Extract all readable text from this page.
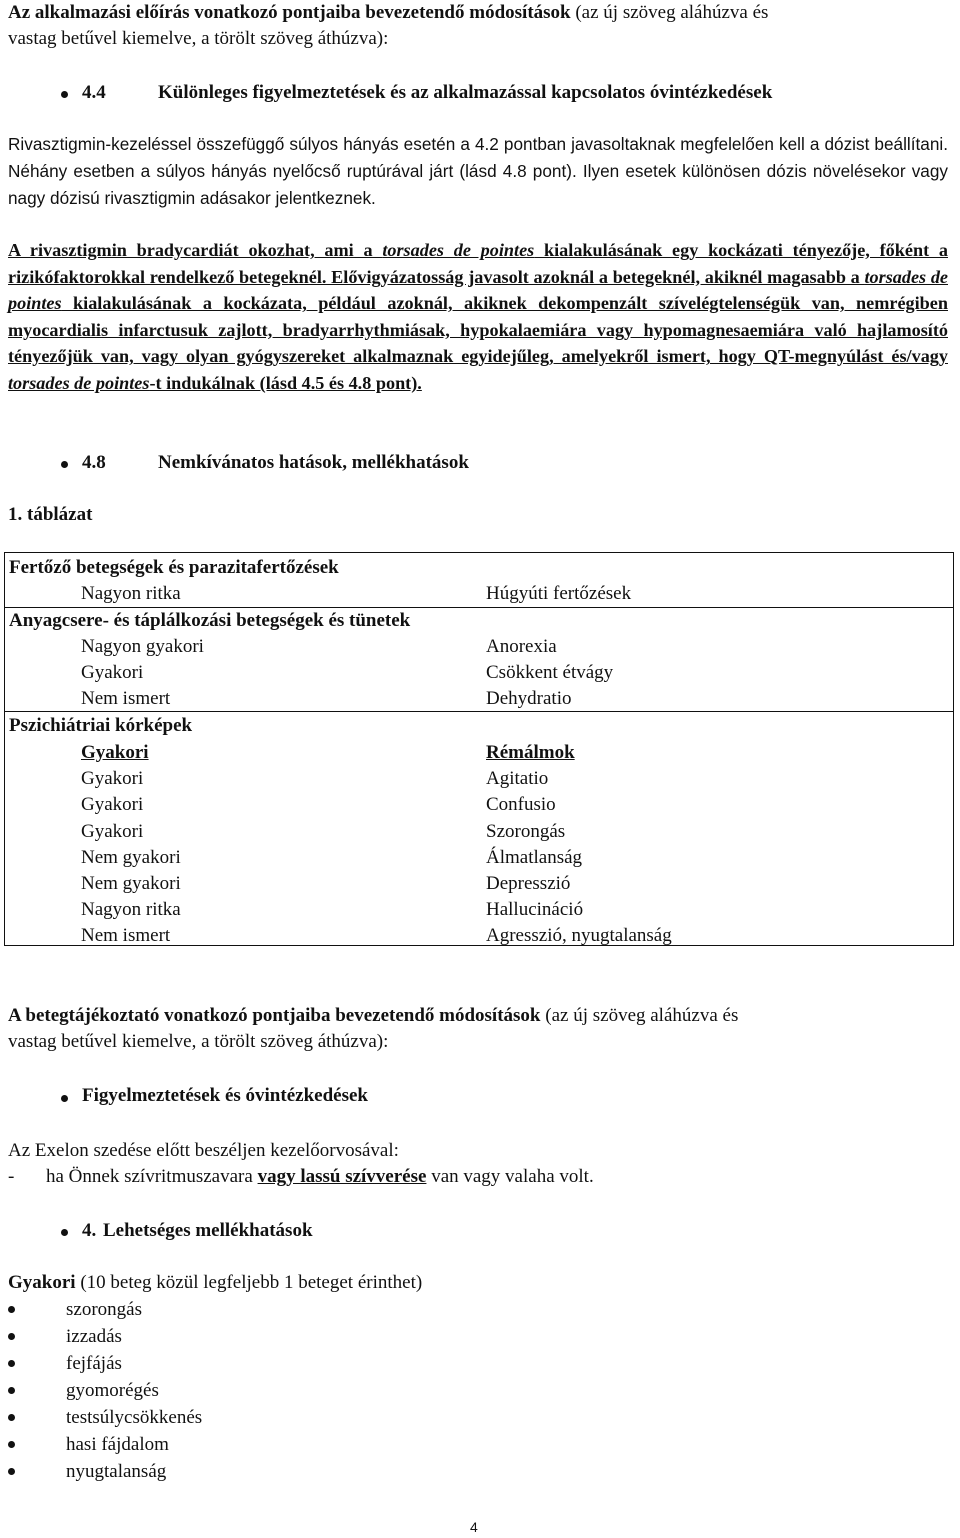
Az alkalmazási előírás vonatkozó pontjaiba bevezetendő módosítások (az új szöveg aláhúzva és
vastag betűvel kiemelve, a törölt szöveg áthúzva):
4.4	Különleges figyelmeztetések és az alkalmazással kapcsolatos óvintézkedések
Rivasztigmin-kezeléssel összefüggő súlyos hányás esetén a 4.2 pontban javasoltaknak megfelelően kell a dózist beállítani. Néhány esetben a súlyos hányás nyelőcső ruptúrával járt (lásd 4.8 pont). Ilyen esetek különösen dózis növelésekor vagy nagy dózisú rivasztigmin adásakor jelentkeznek.
A rivasztigmin bradycardiát okozhat, ami a torsades de pointes kialakulásának egy kockázati tényezője, főként a rizikófaktorokkal rendelkező betegeknél. Elővigyázatosság javasolt azoknál a betegeknél, akiknél magasabb a torsades de pointes kialakulásának a kockázata, például azoknál, akiknek dekompenzált szívelégtelenségük van, nemrégiben myocardialis infarctusuk zajlott, bradyarrhythmiásak, hypokalaemiára vagy hypomagnesaemiára való hajlamosító tényezőjük van, vagy olyan gyógyszereket alkalmaznak egyidejűleg, amelyekről ismert, hogy QT-megnyúlást és/vagy torsades de pointes-t indukálnak (lásd 4.5 és 4.8 pont).
4.8	Nemkívánatos hatások, mellékhatások
1. táblázat
Fertőző betegségek és parazitafertőzések
Nagyon ritka	Húgyúti fertőzések
Anyagcsere- és táplálkozási betegségek és tünetek
Nagyon gyakori	Anorexia
Gyakori	Csökkent étvágy
Nem ismert	Dehydratio
Pszichiátriai kórképek
Gyakori	Rémálmok
Gyakori	Agitatio
Gyakori	Confusio
Gyakori	Szorongás
Nem gyakori	Álmatlanság
Nem gyakori	Depresszió
Nagyon ritka	Hallucináció
Nem ismert	Agresszió, nyugtalanság
A betegtájékoztató vonatkozó pontjaiba bevezetendő módosítások (az új szöveg aláhúzva és
vastag betűvel kiemelve, a törölt szöveg áthúzva):
Figyelmeztetések és óvintézkedések
Az Exelon szedése előtt beszéljen kezelőorvosával:
- ha Önnek szívritmuszavara vagy lassú szívverése van vagy valaha volt.
4. Lehetséges mellékhatások
Gyakori (10 beteg közül legfeljebb 1 beteget érinthet)
szorongás
izzadás
fejfájás
gyomorégés
testsúlycsökkenés
hasi fájdalom
nyugtalanság
4
